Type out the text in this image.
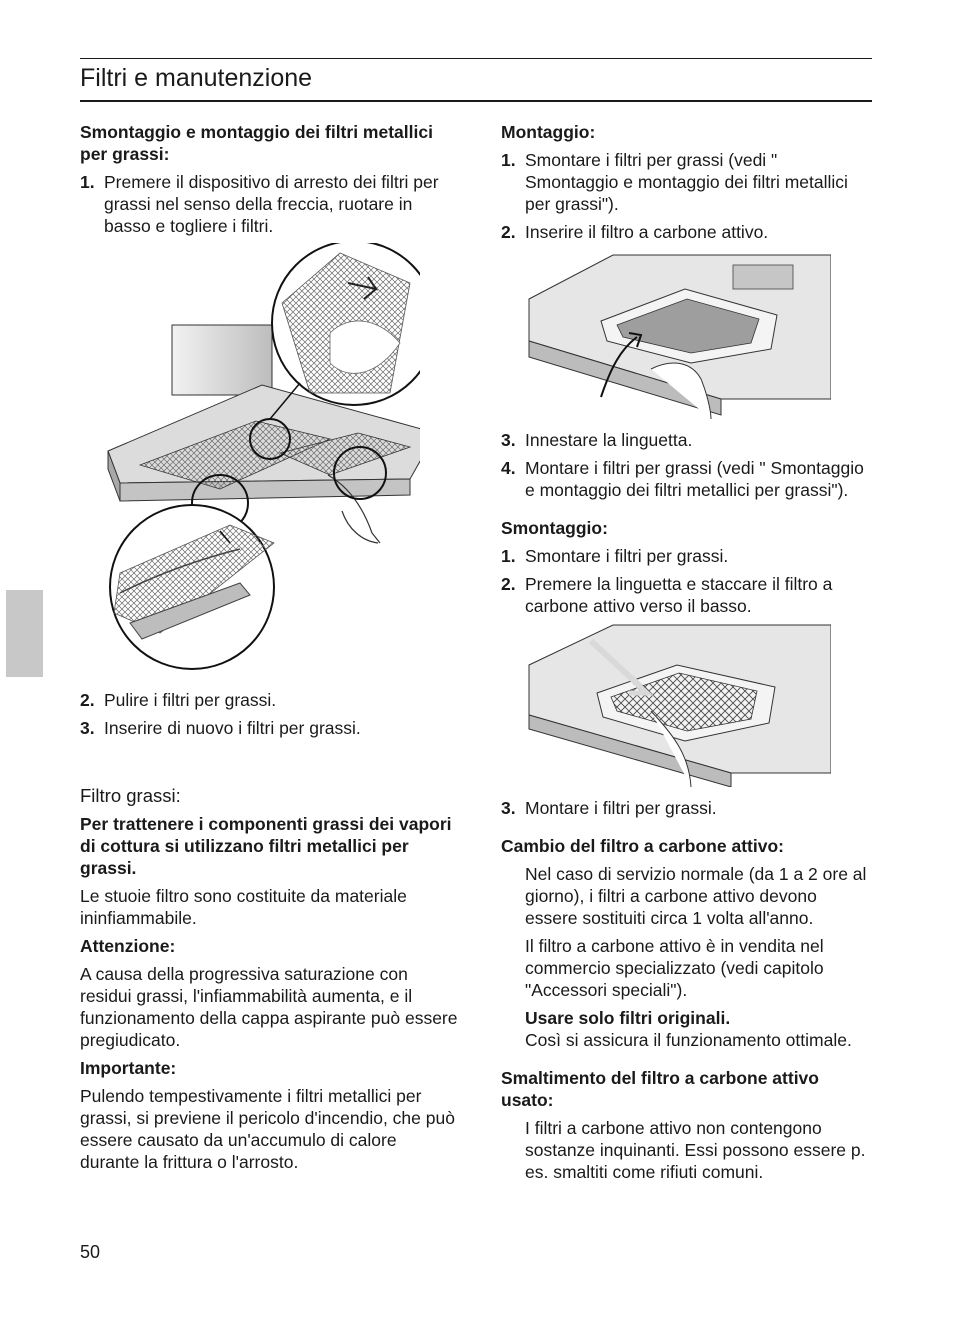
Filtri e manutenzione

Smontaggio e montaggio dei filtri metallici per grassi:

1. Premere il dispositivo di arresto dei filtri per grassi nel senso della freccia, ruotare in basso e togliere i filtri.
2. Pulire i filtri per grassi.
3. Inserire di nuovo i filtri per grassi.
Filtro grassi:

Per trattenere i componenti grassi dei vapori di cottura si utilizzano filtri metallici per grassi.

Le stuoie filtro sono costituite da materiale ininfiammabile.

Attenzione:

A causa della progressiva saturazione con residui grassi, l'infiammabilità aumenta, e il funzionamento della cappa aspirante può essere pregiudicato.

Importante:

Pulendo tempestivamente i filtri metallici per grassi, si previene il pericolo d'incendio, che può essere causato da un'accumulo di calore durante la frittura o l'arrosto.

Montaggio:

1. Smontare i filtri per grassi (vedi " Smontaggio e montaggio dei filtri metallici per grassi").
2. Inserire il filtro a carbone attivo.
3. Innestare la linguetta.
4. Montare i filtri per grassi (vedi " Smontaggio e montaggio dei filtri metallici per grassi").

Smontaggio:

1. Smontare i filtri per grassi.
2. Premere la linguetta e staccare il filtro a carbone attivo verso il basso.
3. Montare i filtri per grassi.

Cambio del filtro a carbone attivo:

Nel caso di servizio normale (da 1 a 2 ore al giorno), i filtri a carbone attivo devono essere sostituiti circa 1 volta all'anno.

Il filtro a carbone attivo è in vendita nel commercio specializzato (vedi capitolo "Accessori speciali").

Usare solo filtri originali.

Così si assicura il funzionamento ottimale.

Smaltimento del filtro a carbone attivo usato:

I filtri a carbone attivo non contengono sostanze inquinanti. Essi possono essere p. es. smaltiti come rifiuti comuni.

50
